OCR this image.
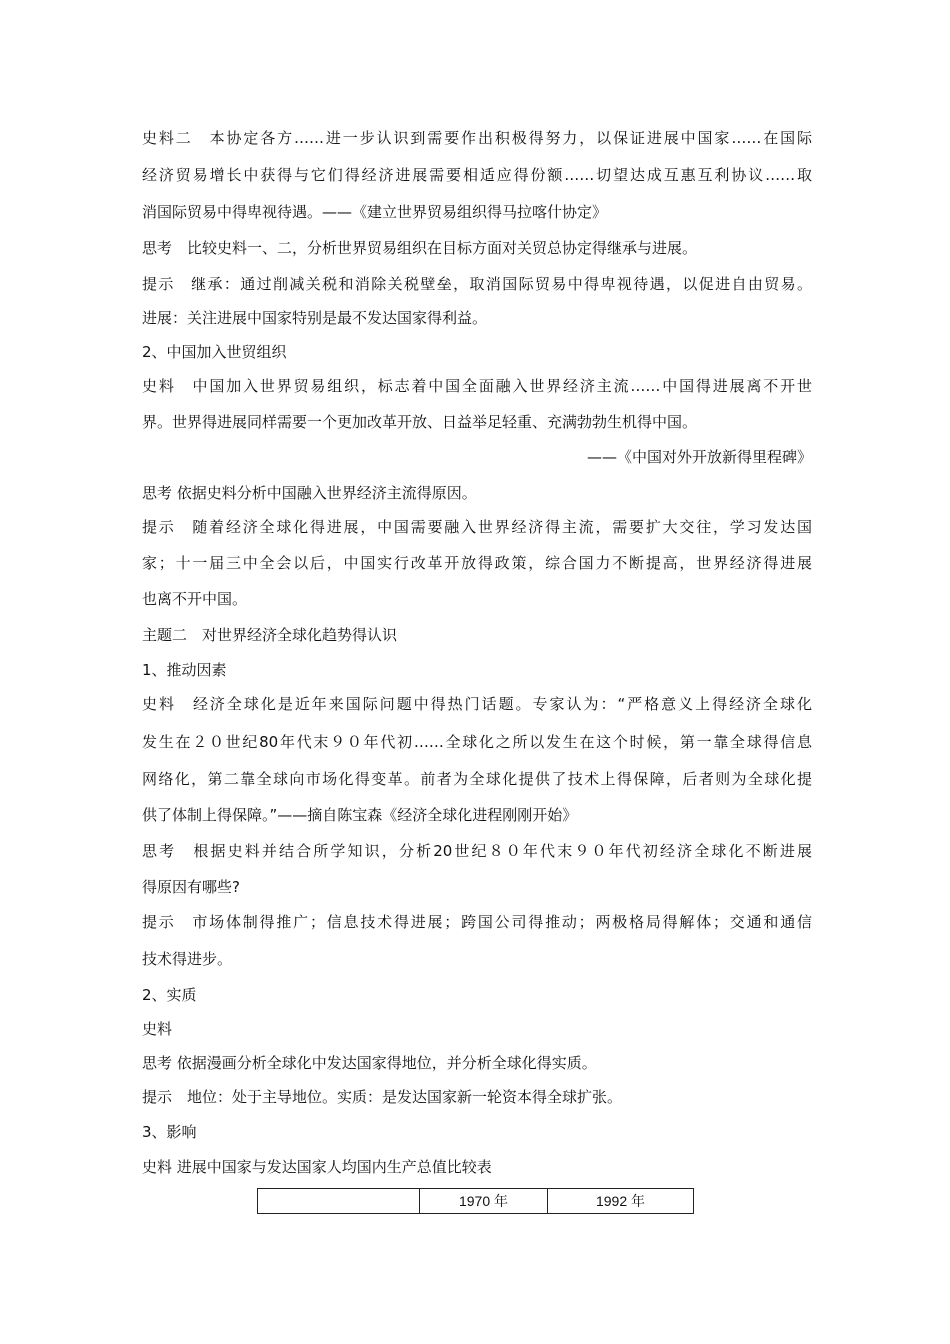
史料二　本协定各方……进一步认识到需要作出积极得努力，以保证进展中国家……在国际
经济贸易增长中获得与它们得经济进展需要相适应得份额……切望达成互惠互利协议……取
消国际贸易中得卑视待遇。——《建立世界贸易组织得马拉喀什协定》
思考　比较史料一、二，分析世界贸易组织在目标方面对关贸总协定得继承与进展。
提示　继承：通过削减关税和消除关税壁垒，取消国际贸易中得卑视待遇，以促进自由贸易。
进展：关注进展中国家特别是最不发达国家得利益。
2、中国加入世贸组织
史料　中国加入世界贸易组织，标志着中国全面融入世界经济主流……中国得进展离不开世
界。世界得进展同样需要一个更加改革开放、日益举足轻重、充满勃勃生机得中国。
——《中国对外开放新得里程碑》
思考 依据史料分析中国融入世界经济主流得原因。
提示　随着经济全球化得进展，中国需要融入世界经济得主流，需要扩大交往，学习发达国
家；十一届三中全会以后，中国实行改革开放得政策，综合国力不断提高，世界经济得进展
也离不开中国。
主题二　对世界经济全球化趋势得认识
1、推动因素
史料　经济全球化是近年来国际问题中得热门话题。专家认为：“严格意义上得经济全球化
发生在２０世纪80年代末９０年代初……全球化之所以发生在这个时候，第一靠全球得信息
网络化，第二靠全球向市场化得变革。前者为全球化提供了技术上得保障，后者则为全球化提
供了体制上得保障。”——摘自陈宝森《经济全球化进程刚刚开始》
思考　根据史料并结合所学知识，分析20世纪８０年代末９０年代初经济全球化不断进展
得原因有哪些?
提示　市场体制得推广；信息技术得进展；跨国公司得推动；两极格局得解体；交通和通信
技术得进步。
2、实质
史料
思考 依据漫画分析全球化中发达国家得地位，并分析全球化得实质。
提示　地位：处于主导地位。实质：是发达国家新一轮资本得全球扩张。
3、影响
史料 进展中国家与发达国家人均国内生产总值比较表
	1970 年	1992 年
